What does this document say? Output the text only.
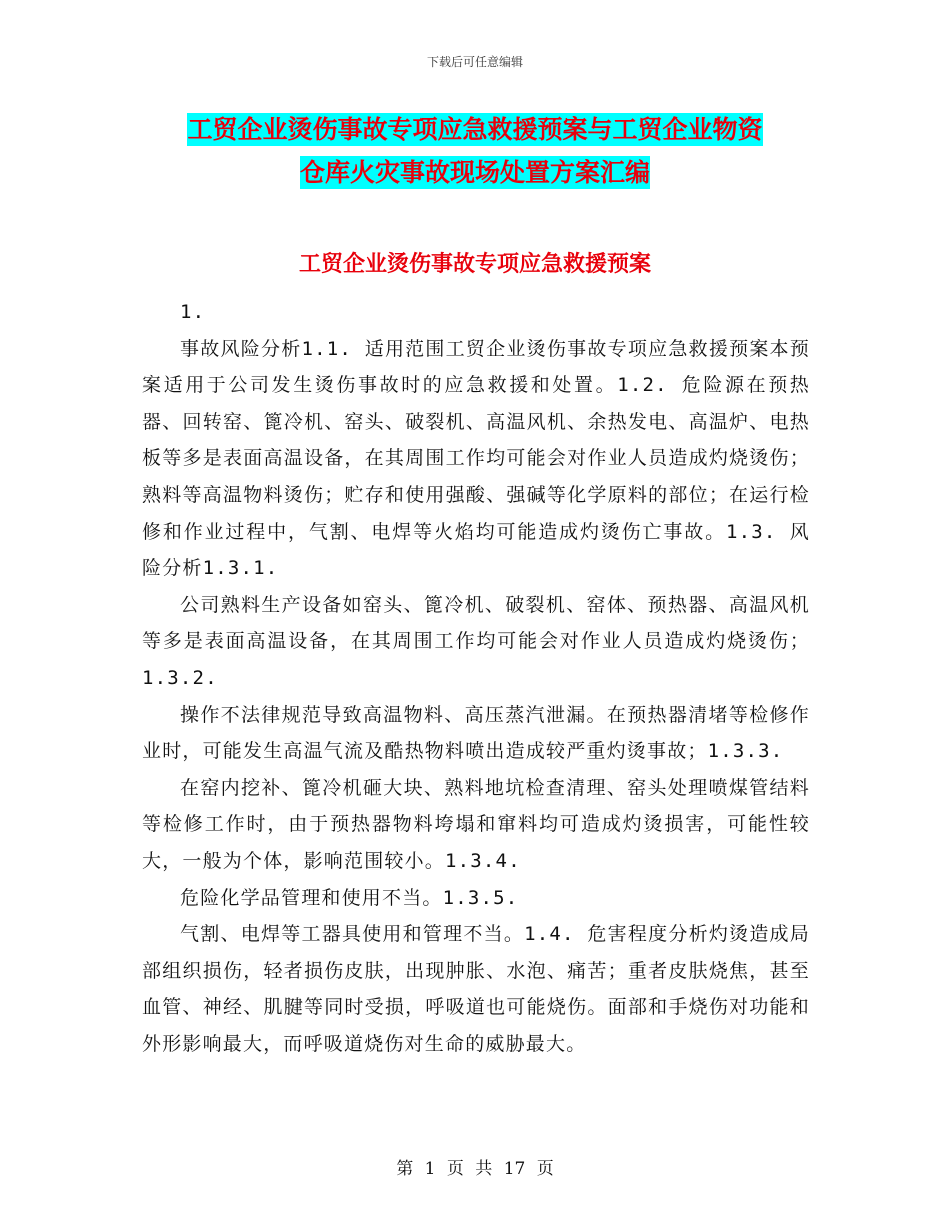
下载后可任意编辑
工贸企业烫伤事故专项应急救援预案与工贸企业物资
仓库火灾事故现场处置方案汇编
工贸企业烫伤事故专项应急救援预案

1.

事故风险分析1.1. 适用范围工贸企业烫伤事故专项应急救援预案本预案适用于公司发生烫伤事故时的应急救援和处置。1.2. 危险源在预热器、回转窑、篦冷机、窑头、破裂机、高温风机、余热发电、高温炉、电热板等多是表面高温设备，在其周围工作均可能会对作业人员造成灼烧烫伤；熟料等高温物料烫伤；贮存和使用强酸、强碱等化学原料的部位；在运行检修和作业过程中，气割、电焊等火焰均可能造成灼烫伤亡事故。1.3. 风险分析1.3.1.

公司熟料生产设备如窑头、篦冷机、破裂机、窑体、预热器、高温风机等多是表面高温设备，在其周围工作均可能会对作业人员造成灼烧烫伤；1.3.2.

操作不法律规范导致高温物料、高压蒸汽泄漏。在预热器清堵等检修作业时，可能发生高温气流及酷热物料喷出造成较严重灼烫事故；1.3.3.

在窑内挖补、篦冷机砸大块、熟料地坑检查清理、窑头处理喷煤管结料等检修工作时，由于预热器物料垮塌和窜料均可造成灼烫损害，可能性较大，一般为个体，影响范围较小。1.3.4.

危险化学品管理和使用不当。1.3.5.

气割、电焊等工器具使用和管理不当。1.4. 危害程度分析灼烫造成局部组织损伤，轻者损伤皮肤，出现肿胀、水泡、痛苦；重者皮肤烧焦，甚至血管、神经、肌腱等同时受损，呼吸道也可能烧伤。面部和手烧伤对功能和外形影响最大，而呼吸道烧伤对生命的威胁最大。

第 1 页 共 17 页
